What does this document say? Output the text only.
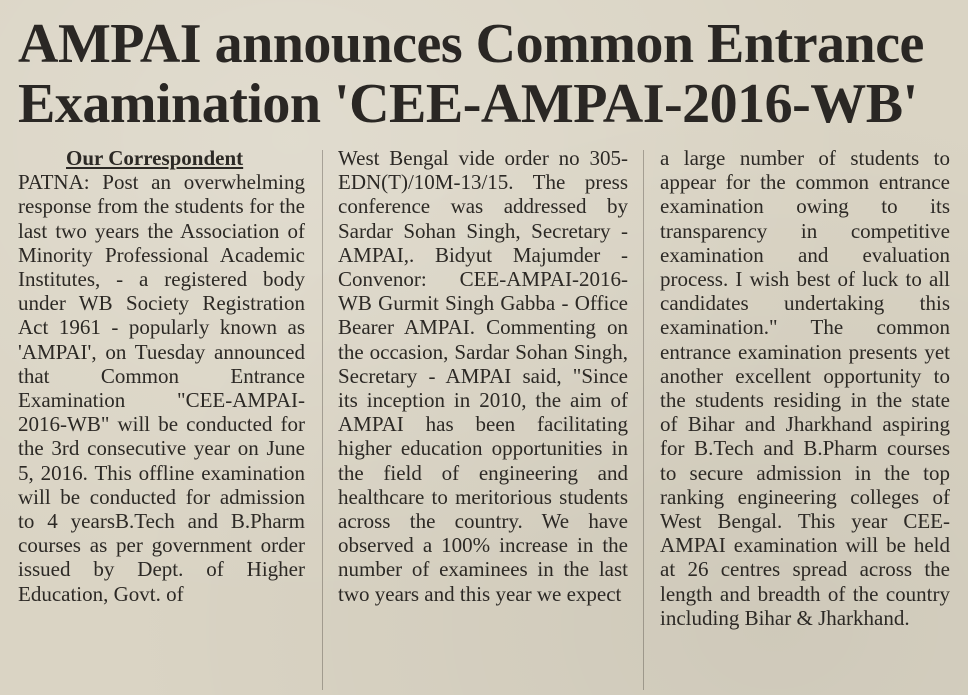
AMPAI announces Common Entrance
Examination 'CEE-AMPAI-2016-WB'
Our Correspondent

PATNA: Post an overwhelming response from the students for the last two years the Association of Minority Professional Academic Institutes, - a registered body under WB Society Registration Act 1961 - popularly known as 'AMPAI', on Tuesday announced that Common Entrance Examination "CEE-AMPAI-2016-WB" will be conducted for the 3rd consecutive year on June 5, 2016. This offline examination will be conducted for admission to 4 yearsB.Tech and B.Pharm courses as per government order issued by Dept. of Higher Education, Govt. of

West Bengal vide order no 305-EDN(T)/10M-13/15. The press conference was addressed by Sardar Sohan Singh, Secretary - AMPAI,. Bidyut Majumder - Convenor: CEE-AMPAI-2016-WB Gurmit Singh Gabba - Office Bearer AMPAI. Commenting on the occasion, Sardar Sohan Singh, Secretary - AMPAI said, "Since its inception in 2010, the aim of AMPAI has been facilitating higher education opportunities in the field of engineering and healthcare to meritorious students across the country. We have observed a 100% increase in the number of examinees in the last two years and this year we expect

a large number of students to appear for the common entrance examination owing to its transparency in competitive examination and evaluation process. I wish best of luck to all candidates undertaking this examination." The common entrance examination presents yet another excellent opportunity to the students residing in the state of Bihar and Jharkhand aspiring for B.Tech and B.Pharm courses to secure admission in the top ranking engineering colleges of West Bengal. This year CEE-AMPAI examination will be held at 26 centres spread across the length and breadth of the country including Bihar & Jharkhand.
